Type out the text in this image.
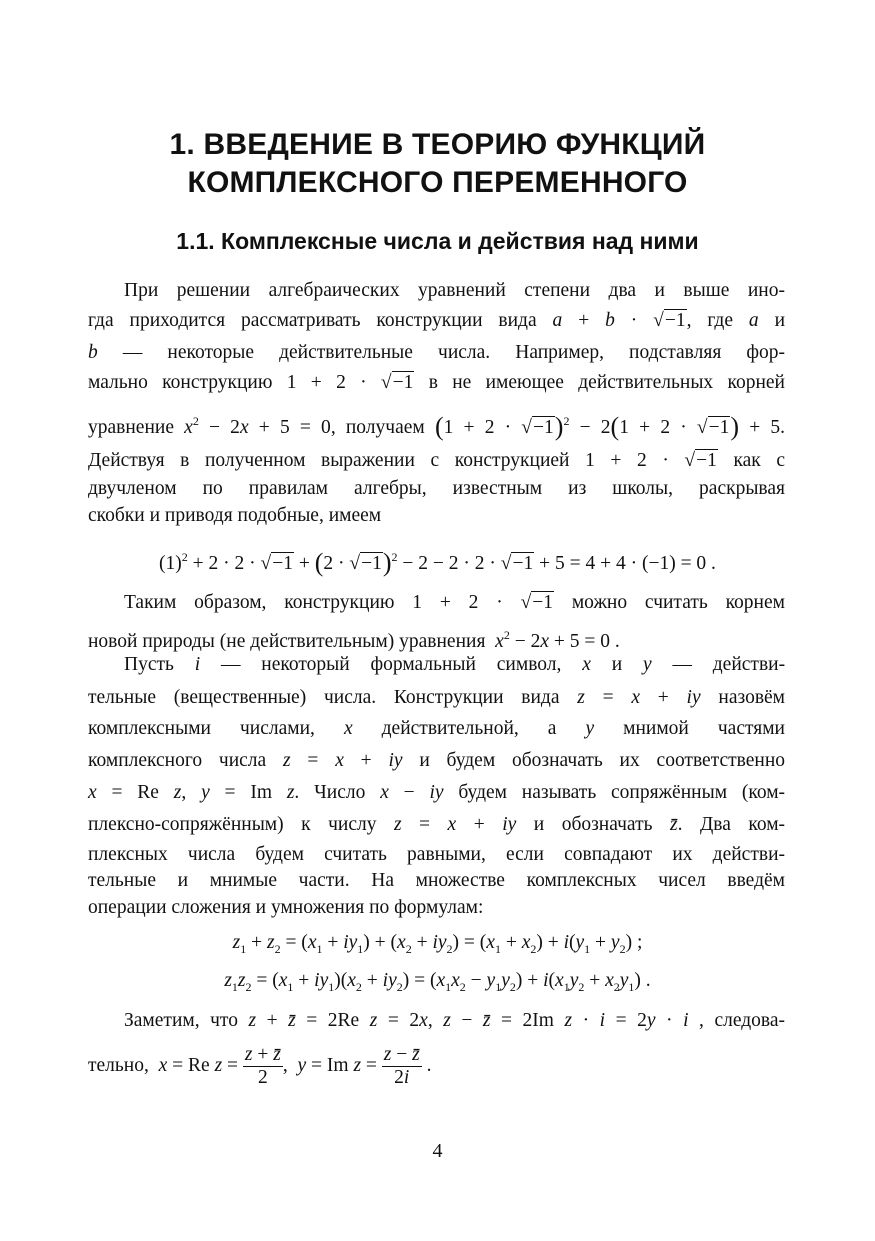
1. ВВЕДЕНИЕ В ТЕОРИЮ ФУНКЦИЙ
КОМПЛЕКСНОГО ПЕРЕМЕННОГО
1.1. Комплексные числа и действия над ними
При решении алгебраических уравнений степени два и выше ино-
гда приходится рассматривать конструкции вида a + b · √−1, где a и
b — некоторые действительные числа. Например, подставляя фор-
мально конструкцию 1 + 2 · √−1 в не имеющее действительных корней
уравнение $x^2 - 2x + 5 = 0$, получаем $(1 + 2 \cdot √-1)^2 - 2(1 + 2 \cdot √-1) + 5$.
Действуя в полученном выражении с конструкцией 1 + 2 · √−1 как с
двучленом по правилам алгебры, известным из школы, раскрывая
скобки и приводя подобные, имеем
$(1)^2 + 2 \cdot 2 \cdot √-1 + (2 \cdot √-1)^2 - 2 - 2 \cdot 2 \cdot √-1 + 5 = 4 + 4 \cdot (-1) = 0$ .
Таким образом, конструкцию 1 + 2 · √−1 можно считать корнем
новой природы (не действительным) уравнения $x^2 - 2x + 5 = 0$ .
Пусть i — некоторый формальный символ, x и y — действи-
тельные (вещественные) числа. Конструкции вида z = x + iy назовём
комплексными числами, x действительной, а y мнимой частями
комплексного числа z = x + iy и будем обозначать их соответственно
x = Re z, y = Im z. Число x − iy будем называть сопряжённым (ком-
плексно-сопряжённым) к числу z = x + iy и обозначать z̄. Два ком-
плексных числа будем считать равными, если совпадают их действи-
тельные и мнимые части. На множестве комплексных чисел введём
операции сложения и умножения по формулам:
$z_1 + z_2 = (x_1 + iy_1) + (x_2 + iy_2) = (x_1 + x_2) + i(y_1 + y_2)$ ;
$z_1z_2 = (x_1 + iy_1)(x_2 + iy_2) = (x_1x_2 - y_1y_2) + i(x_1y_2 + x_2y_1)$ .
Заметим, что z + z̄ = 2Re z = 2x, z − z̄ = 2Im z · i = 2y · i , следова-
тельно, x = Re $z = \frac{z + z̄}{2}$ ,  y = Im $z = \frac{z - z̄}{2i}$ .
4
